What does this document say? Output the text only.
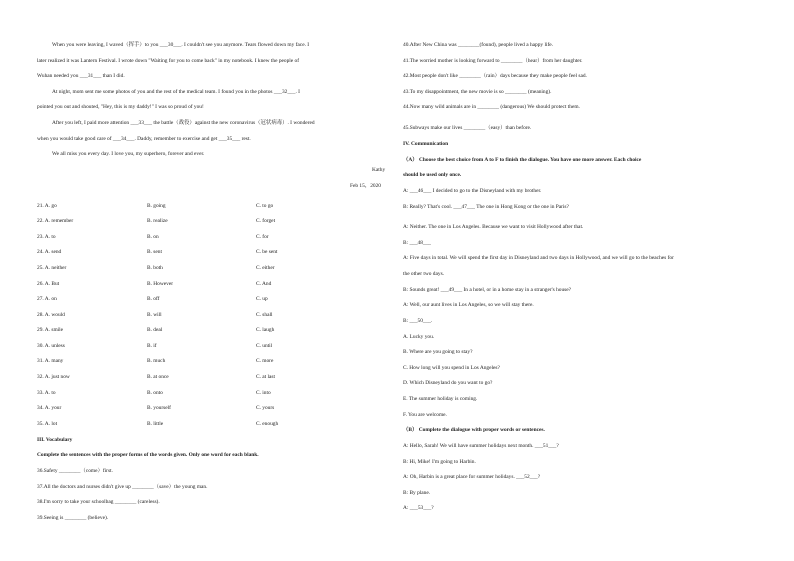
When you were leaving, I waved（挥手）to you ___30___. I couldn't see you anymore. Tears flowed down my face. I
later realized it was Lantern Festival. I wrote down "Waiting for you to come back" in my notebook. I knew the people of
Wuhan needed you ___31___ than I did.
At night, mom sent me some photos of you and the rest of the medical team. I found you in the photos ___32___. I
pointed you out and shouted, "Hey, this is my daddy!" I was so proud of you!
After you left, I paid more attention ___33___ the battle（战役）against the new coronavirus（冠状病毒）. I wondered
when you would take good care of ___34___. Daddy, remember to exercise and get ___35___ rest.
We all miss you every day. I love you, my superhero, forever and ever.
Kathy
Feb 15，2020
21. A. go	B. going	C. to go
22. A. remember	B. realize	C. forget
23. A. to	B. on	C. for
24. A. send	B. sent	C. be sent
25. A. neither	B. both	C. either
26. A. But	B. However	C. And
27. A. on	B. off	C. up
28. A. would	B. will	C. shall
29. A. smile	B. deal	C. laugh
30. A. unless	B. if	C. until
31. A. many	B. much	C. more
32. A. just now	B. at once	C. at last
33. A. to	B. onto	C. into
34. A. your	B. yourself	C. yours
35. A. lot	B. little	C. enough
III. Vocabulary
Complete the sentences with the proper forms of the words given. Only one word for each blank.
36.Safety ________（come）first.
37.All the doctors and nurses didn't give up ________（save）the young man.
38.I'm sorry to take your schoolbag ________ (careless).
39.Seeing is ________ (believe).
40.After New China was ________(found), people lived a happy life.
41.The worried mother is looking forward to ________（hear）from her daughter.
42.Most people don't like ________（rain）days because they make people feel sad.
43.To my disappointment, the new movie is so ________ (meaning).
44.Now many wild animals are in ________ (dangerous) We should protect them.
45.Subways make our lives ________（easy）than before.
IV. Communication
（A） Choose the best choice from A to F to finish the dialogue. You have one more answer. Each choice
should be used only once.
A: ___46___ I decided to go to the Disneyland with my brother.
B: Really? That's cool. ___47___ The one in Hong Kong or the one in Paris?
A: Neither. The one in Los Angeles. Because we want to visit Hollywood after that.
B: ___48___
A: Five days in total. We will spend the first day in Disneyland and two days in Hollywood, and we will go to the beaches for
the other two days.
B: Sounds great! ___49___ In a hotel, or in a home stay in a stranger's house?
A: Well, our aunt lives in Los Angeles, so we will stay there.
B: ___50___.
A. Lucky you.
B. Where are you going to stay?
C. How long will you spend in Los Angeles?
D. Which Disneyland do you want to go?
E. The summer holiday is coming.
F. You are welcome.
（B） Complete the dialogue with proper words or sentences.
A: Hello, Sarah! We will have summer holidays next month. ___51___?
B: Hi, Mike! I'm going to Harbin.
A: Oh, Harbin is a great place for summer holidays. ___52___?
B: By plane.
A: ___53___?
